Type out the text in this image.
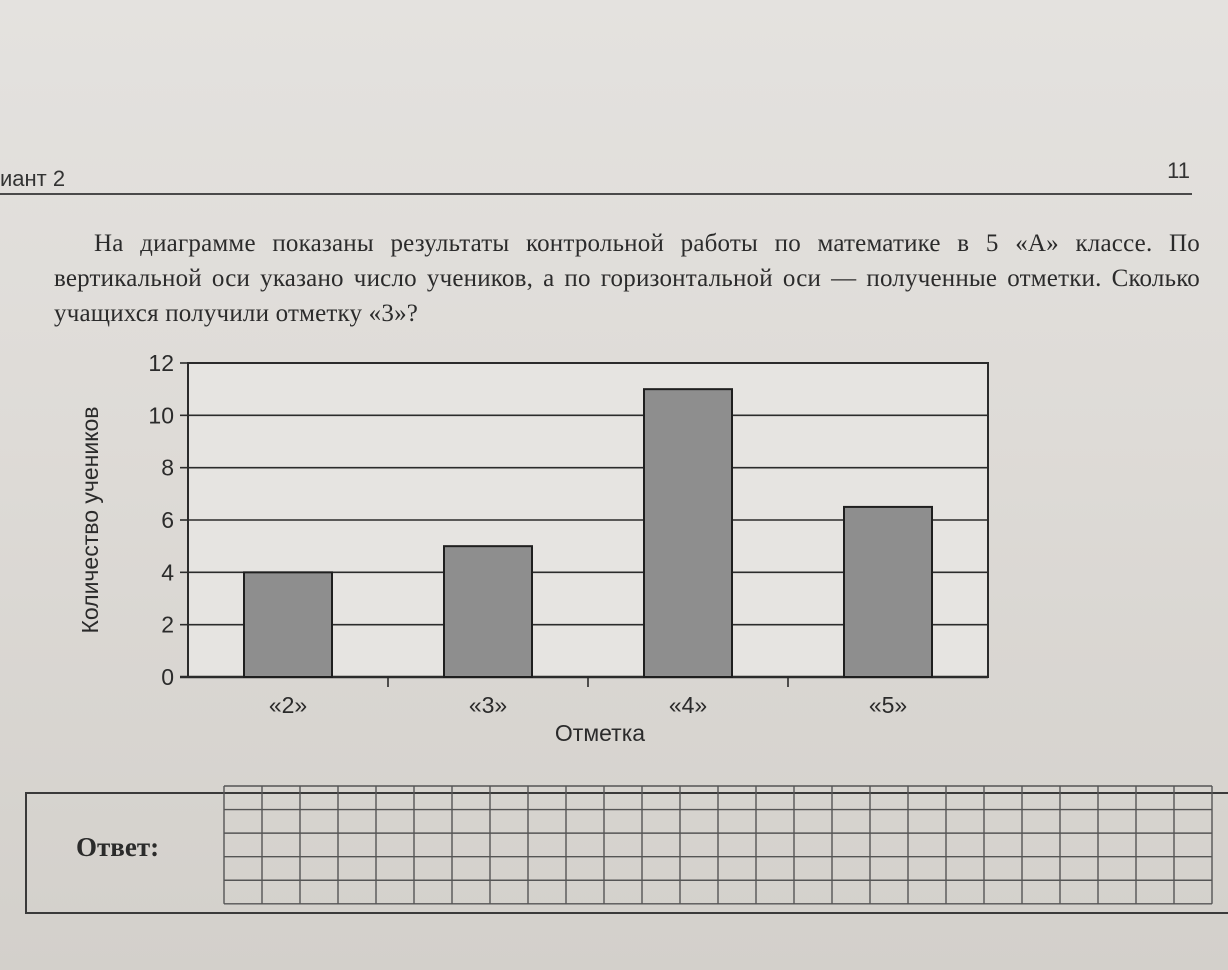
иант 2	11
На диаграмме показаны результаты контрольной работы по математике в 5 «А» классе. По вертикальной оси указано число учеников, а по горизонтальной оси — полученные отметки. Сколько учащихся получили отметку «3»?
0
2
4
6
8
10
12
«2»	«3»	«4»	«5»
Количество учеников
Отметка
Ответ:
